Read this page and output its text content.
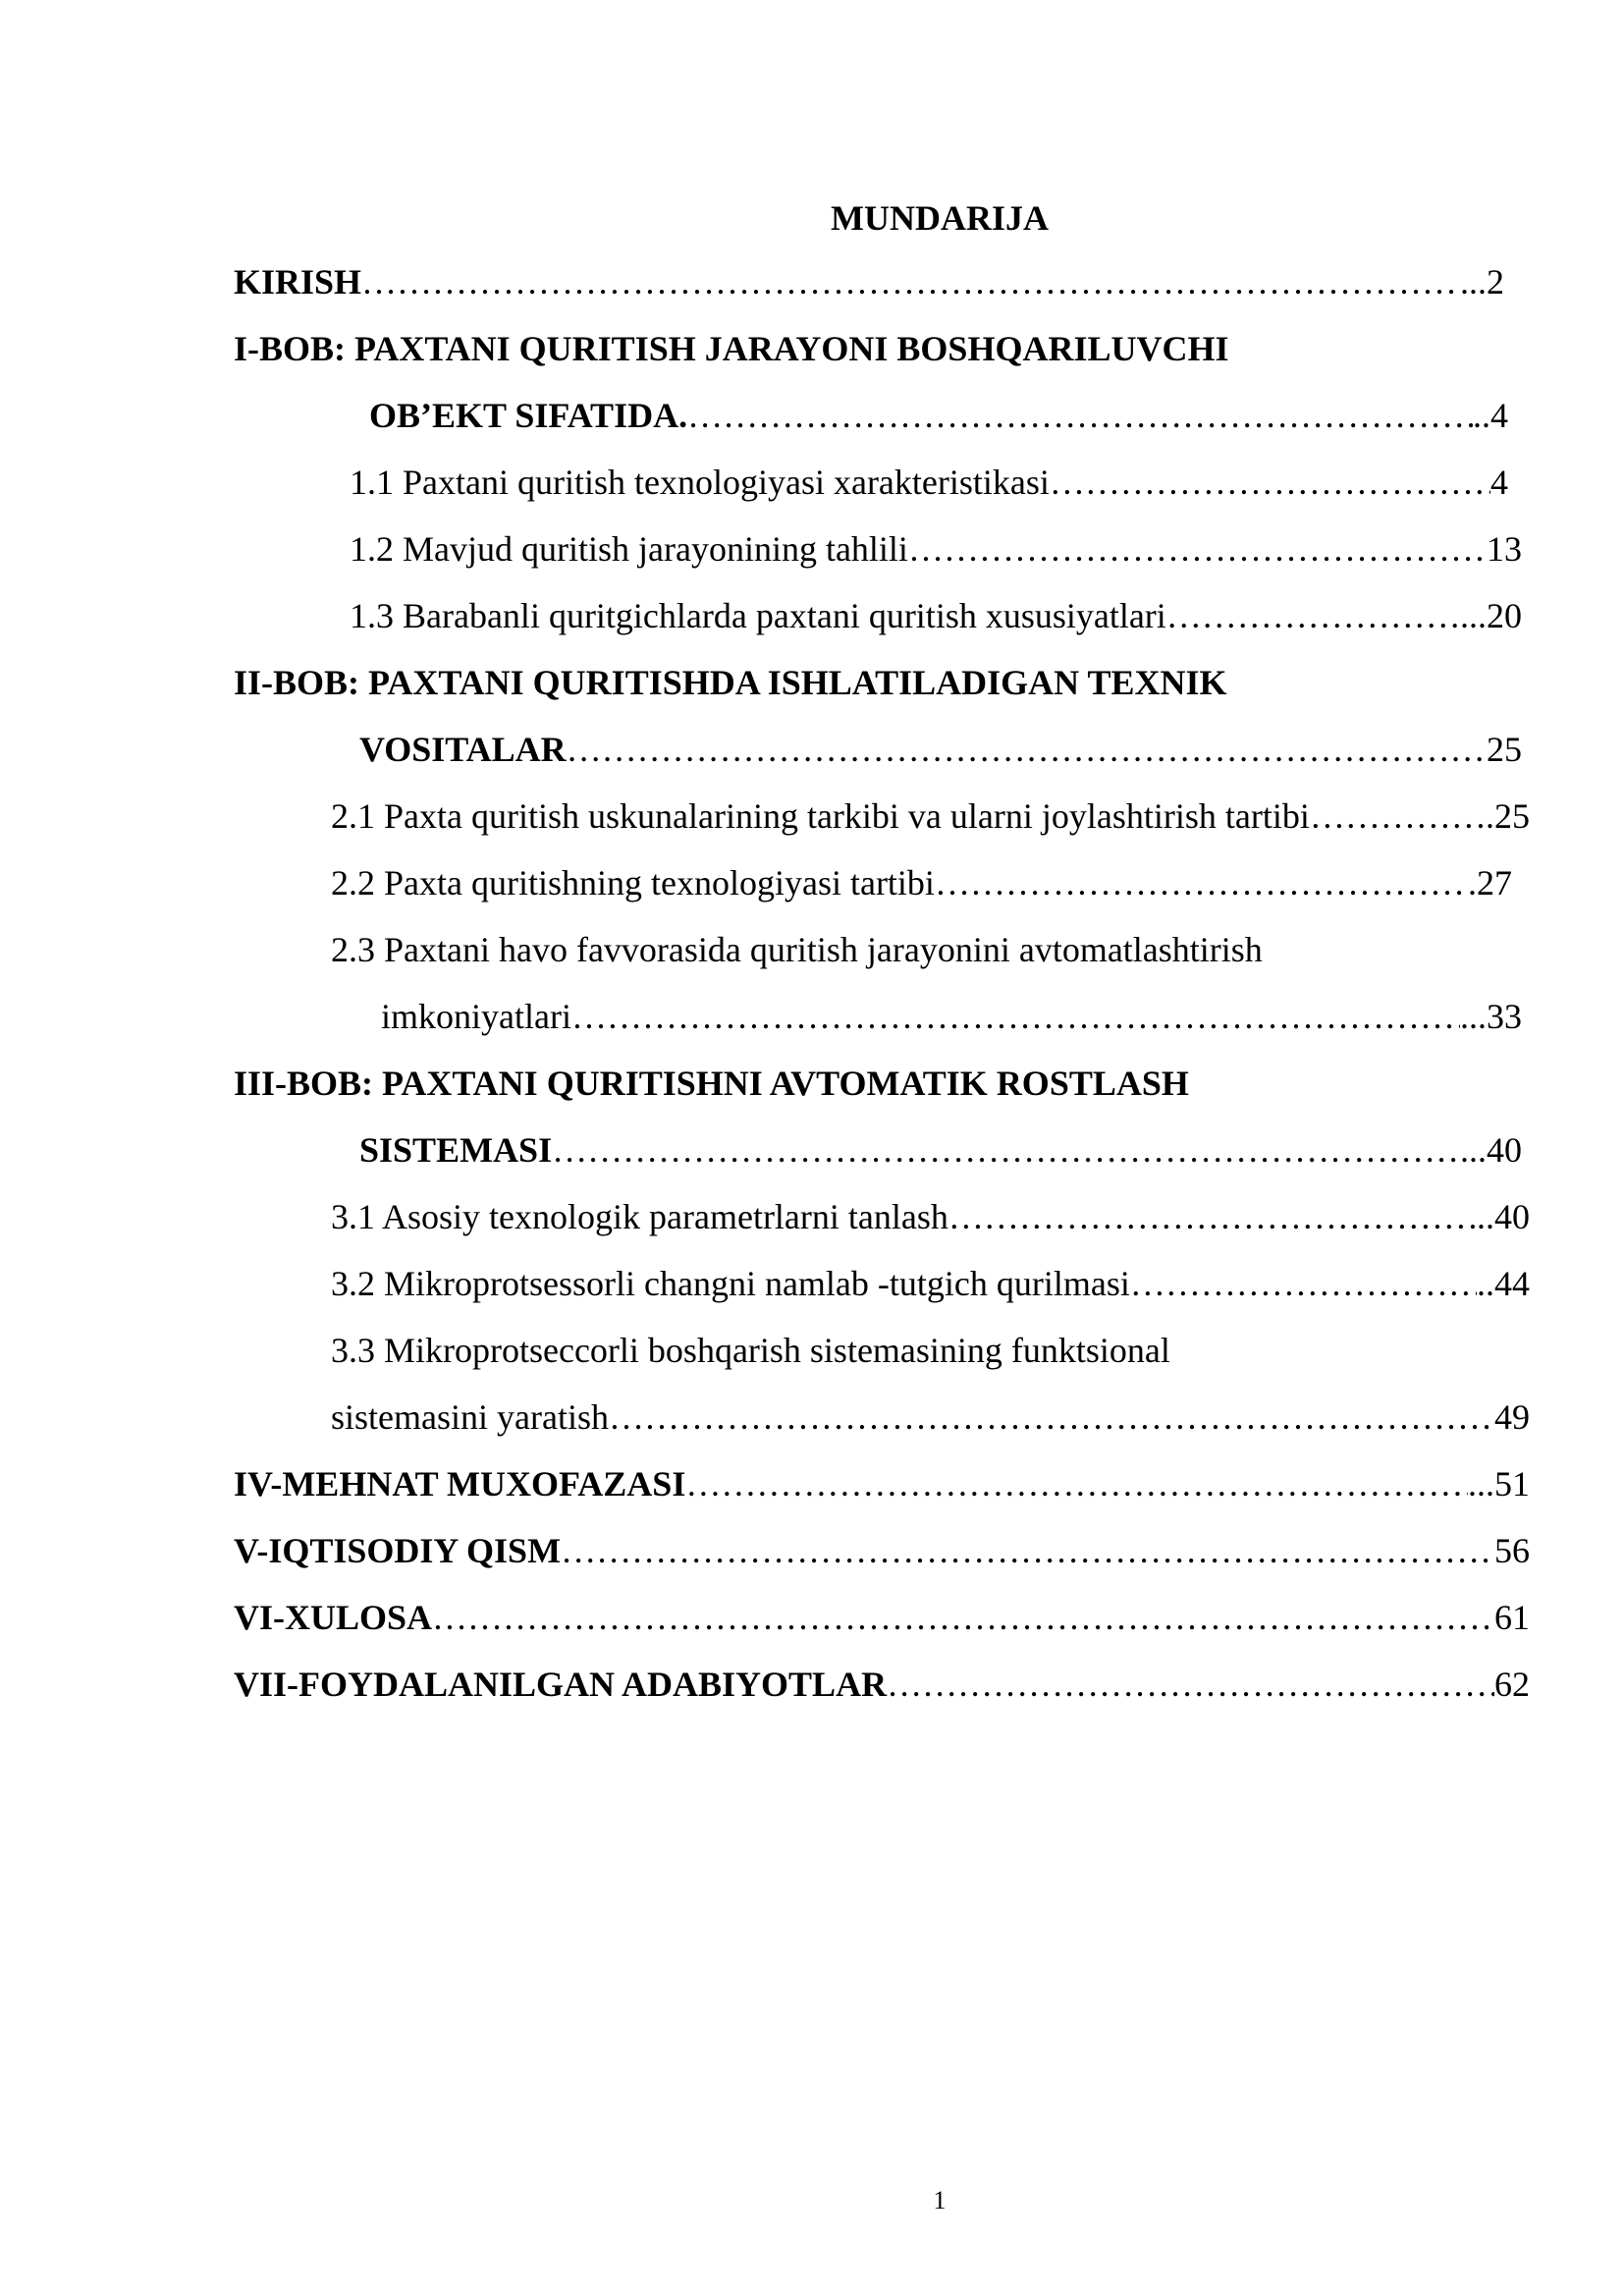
MUNDARIJA
KIRISH ……………………………………………………………………………………………………………………………………………	...2
I-BOB: PAXTANI QURITISH JARAYONI BOSHQARILUVCHI
OB’EKT SIFATIDA. ……………………………………………………………………………………………………………………………………………	..4
1.1 Paxtani quritish texnologiyasi xarakteristikasi ……………………………………………………………………………………………………………………………………………	4
1.2 Mavjud quritish jarayonining tahlili ……………………………………………………………………………………………………………………………………………	13
1.3 Barabanli quritgichlarda paxtani quritish xususiyatlari ……………………………………………………………………………………………………………………………………………	...20
II-BOB: PAXTANI QURITISHDA ISHLATILADIGAN TEXNIK
VOSITALAR ……………………………………………………………………………………………………………………………………………	25
2.1 Paxta quritish uskunalarining tarkibi va ularni joylashtirish tartibi ……………………………………………………………………………………………………………………………………………	.25
2.2 Paxta quritishning texnologiyasi tartibi ……………………………………………………………………………………………………………………………………………	.27
2.3 Paxtani havo favvorasida quritish jarayonini avtomatlashtirish
imkoniyatlari ……………………………………………………………………………………………………………………………………………	...33
III-BOB: PAXTANI QURITISHNI AVTOMATIK ROSTLASH
SISTEMASI ……………………………………………………………………………………………………………………………………………	...40
3.1 Asosiy texnologik parametrlarni tanlash ……………………………………………………………………………………………………………………………………………	..40
3.2 Mikroprotsessorli changni namlab -tutgich qurilmasi ……………………………………………………………………………………………………………………………………………	..44
3.3 Mikroprotseccorli boshqarish sistemasining funktsional
sistemasini yaratish ……………………………………………………………………………………………………………………………………………	49
IV-MEHNAT MUXOFAZASI ……………………………………………………………………………………………………………………………………………	...51
V-IQTISODIY QISM ……………………………………………………………………………………………………………………………………………	56
VI-XULOSA ……………………………………………………………………………………………………………………………………………	61
VII-FOYDALANILGAN ADABIYOTLAR ……………………………………………………………………………………………………………………………………………	62
1
